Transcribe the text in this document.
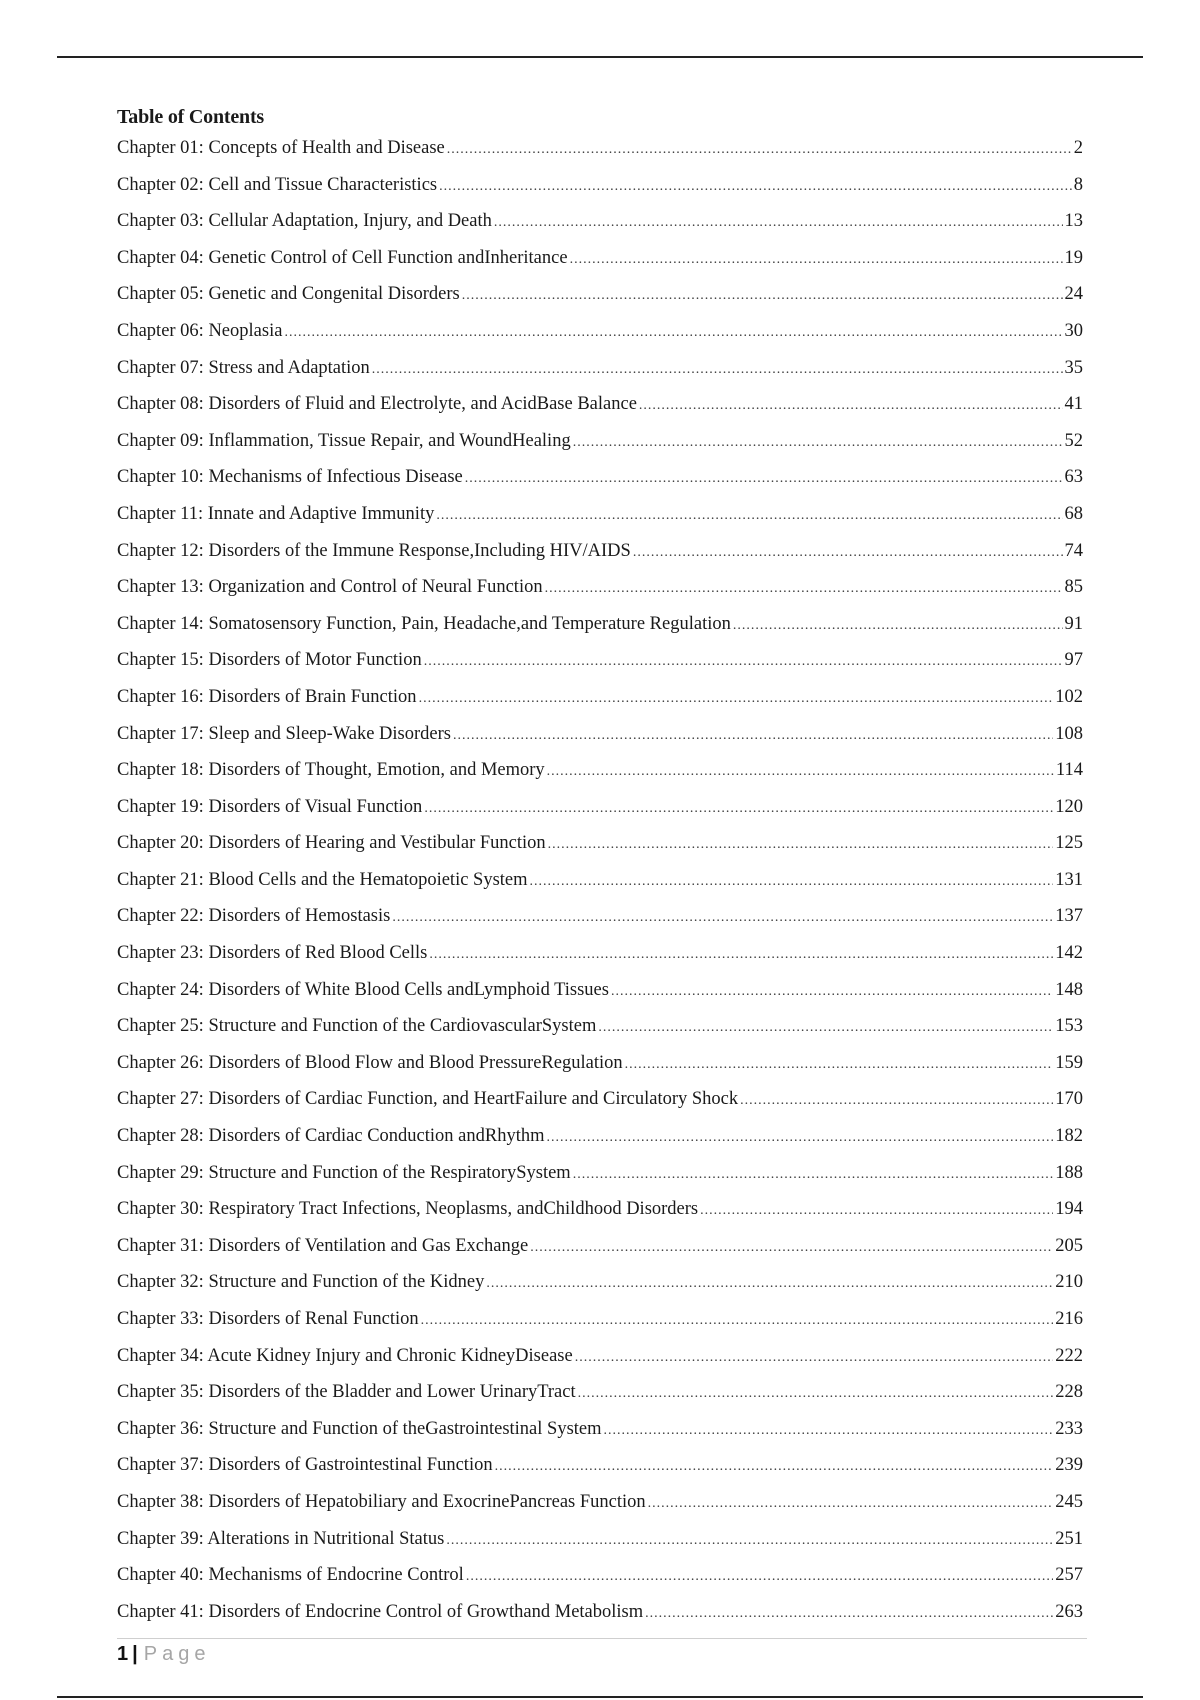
Table of Contents
Chapter 01: Concepts of Health and Disease .....	2
Chapter 02: Cell and Tissue Characteristics .....	8
Chapter 03: Cellular Adaptation, Injury, and Death .....	13
Chapter 04: Genetic Control of Cell Function andInheritance .....	19
Chapter 05: Genetic and Congenital Disorders .....	24
Chapter 06: Neoplasia .....	30
Chapter 07: Stress and Adaptation .....	35
Chapter 08: Disorders of Fluid and Electrolyte, and AcidBase Balance .....	41
Chapter 09: Inflammation, Tissue Repair, and WoundHealing .....	52
Chapter 10: Mechanisms of Infectious Disease .....	63
Chapter 11: Innate and Adaptive Immunity .....	68
Chapter 12: Disorders of the Immune Response,Including HIV/AIDS .....	74
Chapter 13: Organization and Control of Neural Function .....	85
Chapter 14: Somatosensory Function, Pain, Headache,and Temperature Regulation .....	91
Chapter 15: Disorders of Motor Function .....	97
Chapter 16: Disorders of Brain Function .....	102
Chapter 17: Sleep and Sleep-Wake Disorders .....	108
Chapter 18: Disorders of Thought, Emotion, and Memory .....	114
Chapter 19: Disorders of Visual Function .....	120
Chapter 20: Disorders of Hearing and Vestibular Function .....	125
Chapter 21: Blood Cells and the Hematopoietic System .....	131
Chapter 22: Disorders of Hemostasis .....	137
Chapter 23: Disorders of Red Blood Cells .....	142
Chapter 24: Disorders of White Blood Cells andLymphoid Tissues .....	148
Chapter 25: Structure and Function of the CardiovascularSystem .....	153
Chapter 26: Disorders of Blood Flow and Blood PressureRegulation .....	159
Chapter 27: Disorders of Cardiac Function, and HeartFailure and Circulatory Shock .....	170
Chapter 28: Disorders of Cardiac Conduction andRhythm .....	182
Chapter 29: Structure and Function of the RespiratorySystem .....	188
Chapter 30: Respiratory Tract Infections, Neoplasms, andChildhood Disorders .....	194
Chapter 31: Disorders of Ventilation and Gas Exchange .....	205
Chapter 32: Structure and Function of the Kidney .....	210
Chapter 33: Disorders of Renal Function .....	216
Chapter 34: Acute Kidney Injury and Chronic KidneyDisease .....	222
Chapter 35: Disorders of the Bladder and Lower UrinaryTract .....	228
Chapter 36: Structure and Function of theGastrointestinal System .....	233
Chapter 37: Disorders of Gastrointestinal Function .....	239
Chapter 38: Disorders of Hepatobiliary and ExocrinePancreas Function .....	245
Chapter 39: Alterations in Nutritional Status .....	251
Chapter 40: Mechanisms of Endocrine Control .....	257
Chapter 41: Disorders of Endocrine Control of Growthand Metabolism .....	263
1 | Page
